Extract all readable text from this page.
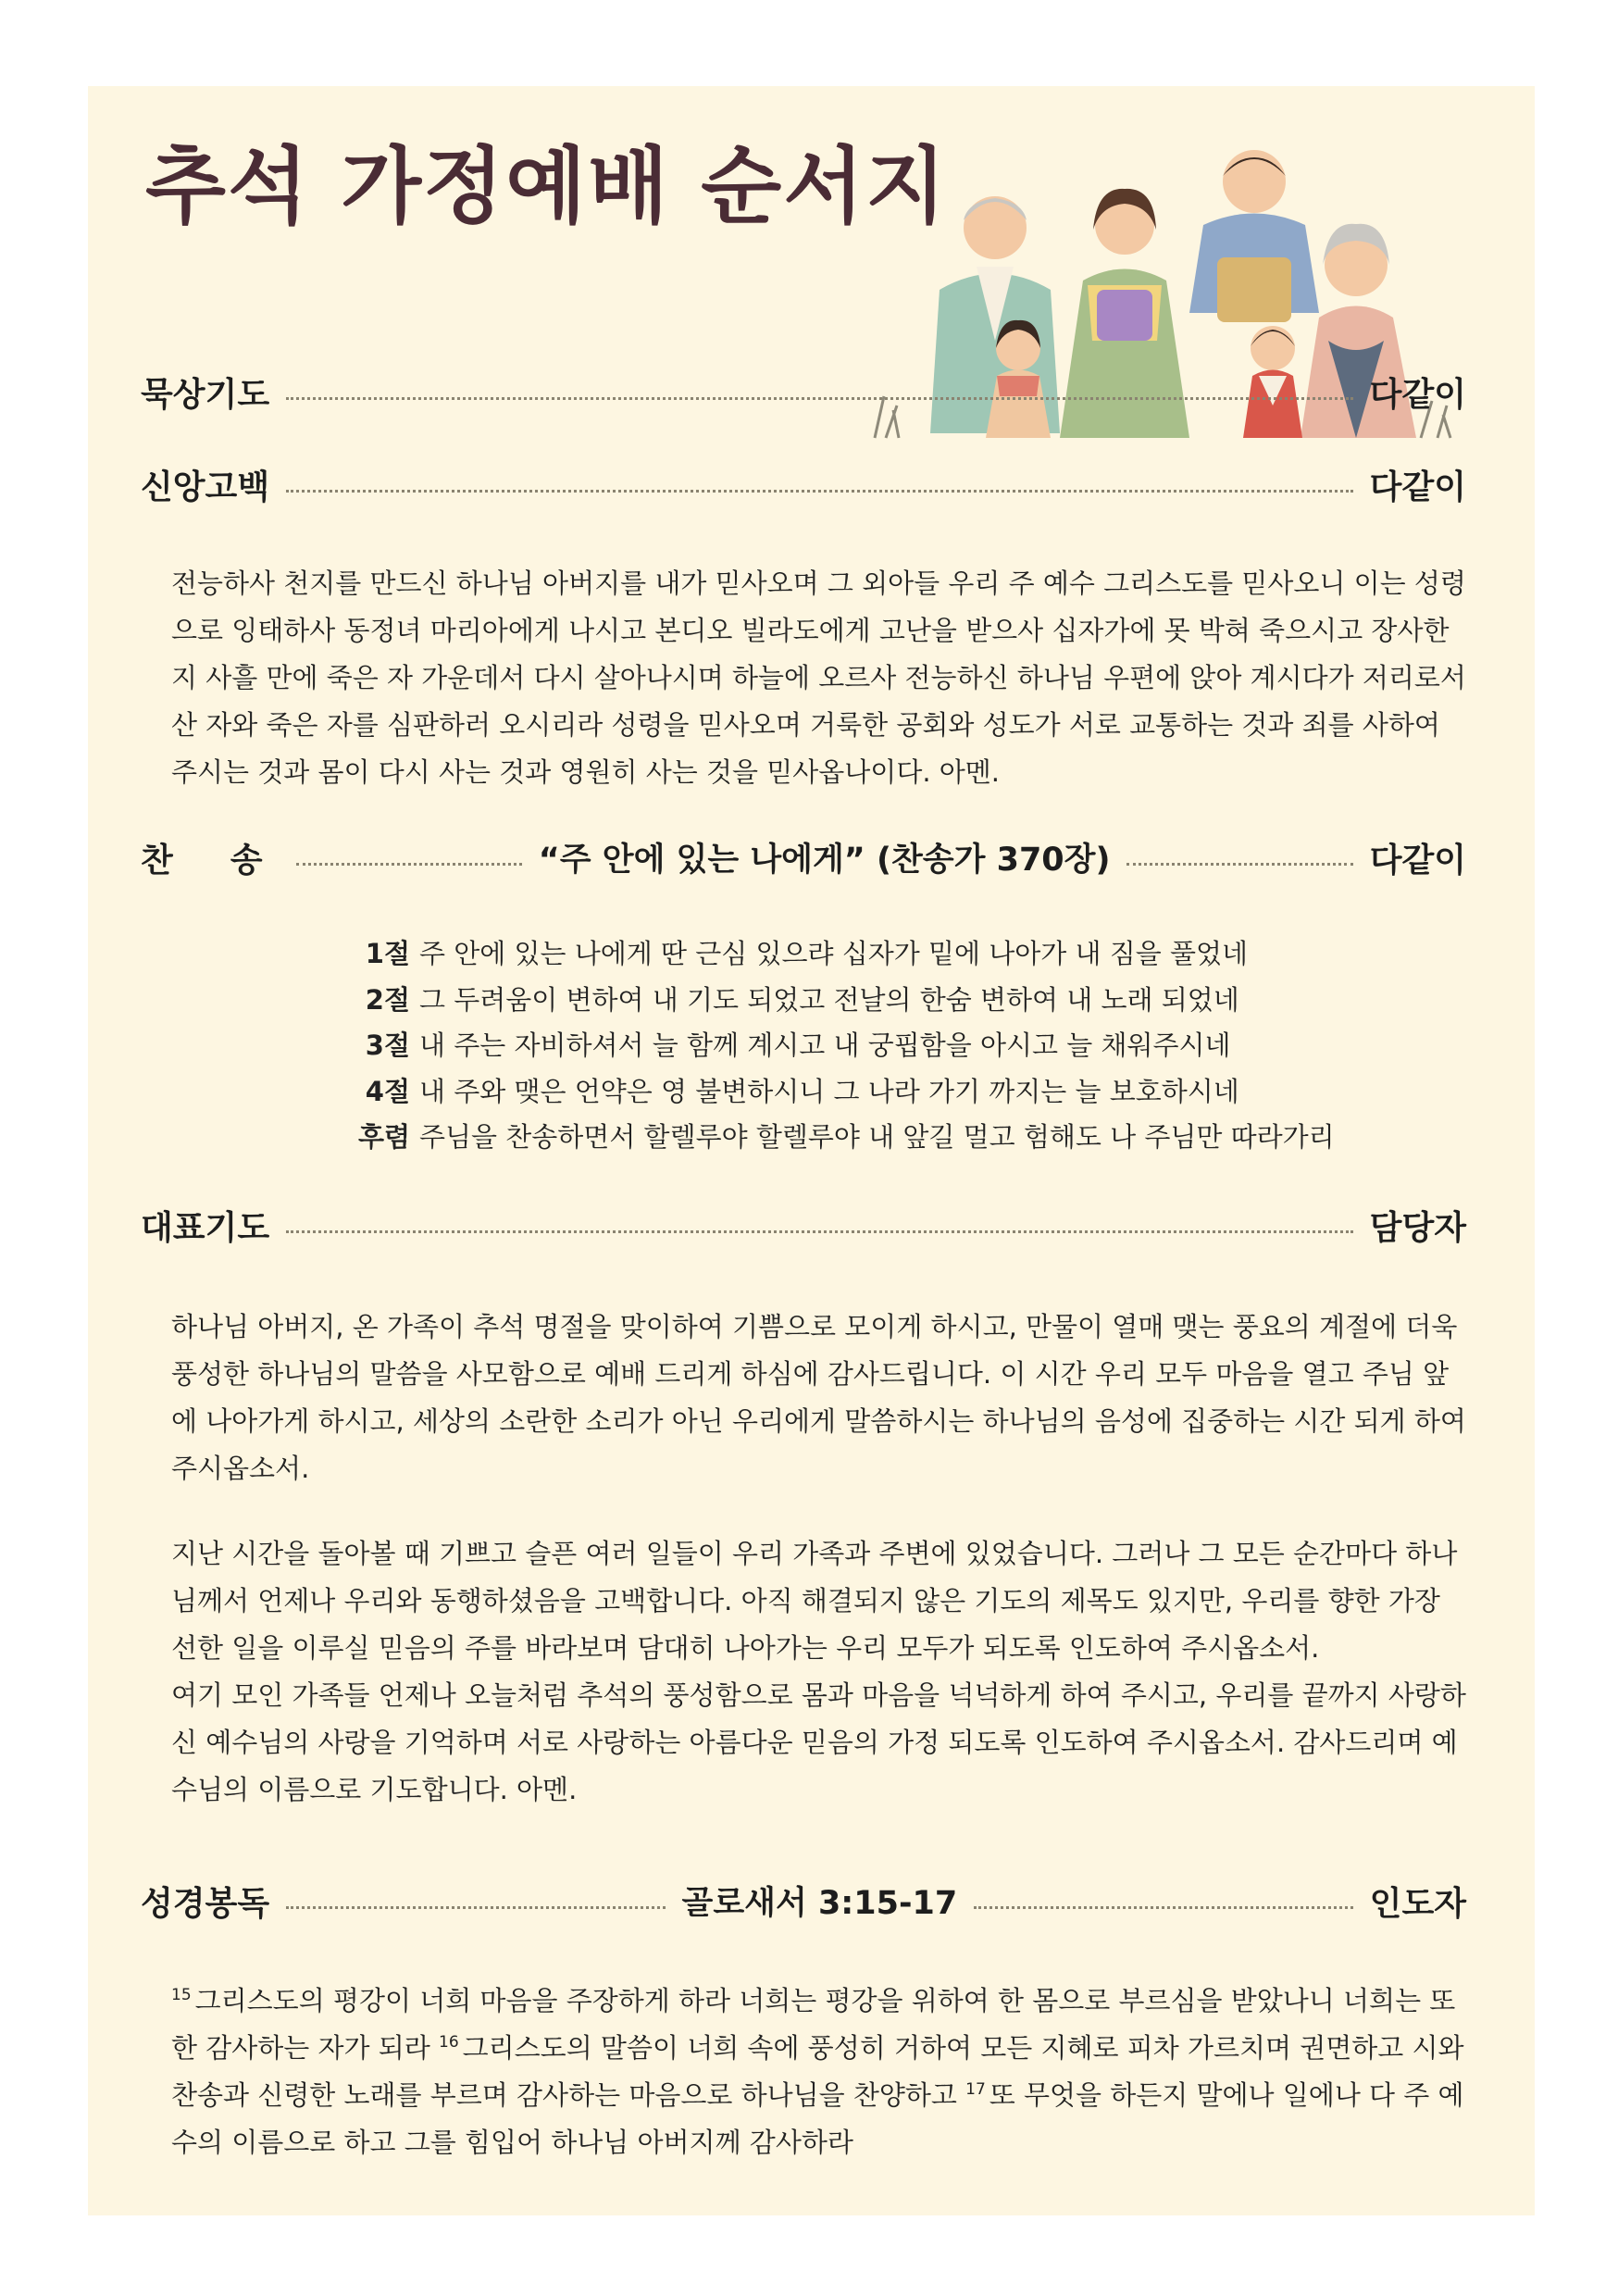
추석 가정예배 순서지
묵상기도	다같이
신앙고백	다같이

전능하사 천지를 만드신 하나님 아버지를 내가 믿사오며 그 외아들 우리 주 예수 그리스도를 믿사오니 이는 성령으로 잉태하사 동정녀 마리아에게 나시고 본디오 빌라도에게 고난을 받으사 십자가에 못 박혀 죽으시고 장사한지 사흘 만에 죽은 자 가운데서 다시 살아나시며 하늘에 오르사 전능하신 하나님 우편에 앉아 계시다가 저리로서 산 자와 죽은 자를 심판하러 오시리라 성령을 믿사오며 거룩한 공회와 성도가 서로 교통하는 것과 죄를 사하여 주시는 것과 몸이 다시 사는 것과 영원히 사는 것을 믿사옵나이다. 아멘.

찬송	“주 안에 있는 나에게” (찬송가 370장)	다같이
1절 주 안에 있는 나에게 딴 근심 있으랴 십자가 밑에 나아가 내 짐을 풀었네
2절 그 두려움이 변하여 내 기도 되었고 전날의 한숨 변하여 내 노래 되었네
3절 내 주는 자비하셔서 늘 함께 계시고 내 궁핍함을 아시고 늘 채워주시네
4절 내 주와 맺은 언약은 영 불변하시니 그 나라 가기 까지는 늘 보호하시네
후렴 주님을 찬송하면서 할렐루야 할렐루야 내 앞길 멀고 험해도 나 주님만 따라가리
대표기도	담당자

하나님 아버지, 온 가족이 추석 명절을 맞이하여 기쁨으로 모이게 하시고, 만물이 열매 맺는 풍요의 계절에 더욱 풍성한 하나님의 말씀을 사모함으로 예배 드리게 하심에 감사드립니다. 이 시간 우리 모두 마음을 열고 주님 앞에 나아가게 하시고, 세상의 소란한 소리가 아닌 우리에게 말씀하시는 하나님의 음성에 집중하는 시간 되게 하여 주시옵소서.

지난 시간을 돌아볼 때 기쁘고 슬픈 여러 일들이 우리 가족과 주변에 있었습니다. 그러나 그 모든 순간마다 하나님께서 언제나 우리와 동행하셨음을 고백합니다. 아직 해결되지 않은 기도의 제목도 있지만, 우리를 향한 가장 선한 일을 이루실 믿음의 주를 바라보며 담대히 나아가는 우리 모두가 되도록 인도하여 주시옵소서.

여기 모인 가족들 언제나 오늘처럼 추석의 풍성함으로 몸과 마음을 넉넉하게 하여 주시고, 우리를 끝까지 사랑하신 예수님의 사랑을 기억하며 서로 사랑하는 아름다운 믿음의 가정 되도록 인도하여 주시옵소서. 감사드리며 예수님의 이름으로 기도합니다. 아멘.

성경봉독	골로새서 3:15-17	인도자

$^{15}$ 그리스도의 평강이 너희 마음을 주장하게 하라 너희는 평강을 위하여 한 몸으로 부르심을 받았나니 너희는 또한 감사하는 자가 되라 $^{16}$ 그리스도의 말씀이 너희 속에 풍성히 거하여 모든 지혜로 피차 가르치며 권면하고 시와 찬송과 신령한 노래를 부르며 감사하는 마음으로 하나님을 찬양하고 $^{17}$ 또 무엇을 하든지 말에나 일에나 다 주 예수의 이름으로 하고 그를 힘입어 하나님 아버지께 감사하라
